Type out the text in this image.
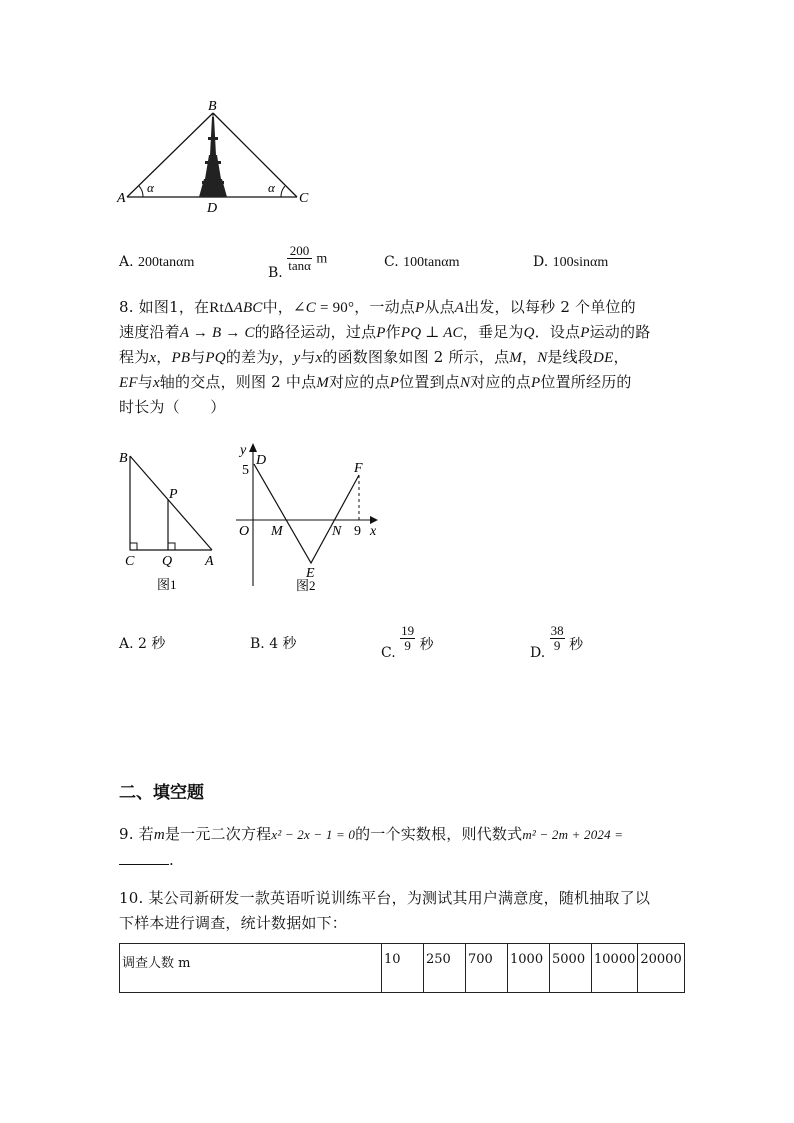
B
A	C
D
α	α
A. 200tanαm
B. $\frac{200}{\tan\alpha}$ m	C. 100tanαm	D. 100sinαm
8. 如图1，在RtΔABC中，∠C = 90°，一动点P从点A出发，以每秒 2 个单位的
速度沿着A → B → C的路径运动，过点P作PQ ⊥ AC，垂足为Q．设点P运动的路
程为x，PB与PQ的差为y，y与x的函数图象如图 2 所示，点M，N是线段DE，
EF与x轴的交点，则图 2 中点M对应的点P位置到点N对应的点P位置所经历的
时长为（　　）
B
P
C Q A
图1
y
5
D
F
O M	N 9 x
E
图2
A. 2 秒	B. 4 秒
C. $\frac{19}{9}$ 秒	D. $\frac{38}{9}$ 秒
二、填空题
9. 若m是一元二次方程x² − 2x − 1 = 0的一个实数根，则代数式m² − 2m + 2024 =
.
10. 某公司新研发一款英语听说训练平台，为测试其用户满意度，随机抽取了以
下样本进行调查，统计数据如下：
调查人数 m	10	250	700	1000	5000	10000	20000
